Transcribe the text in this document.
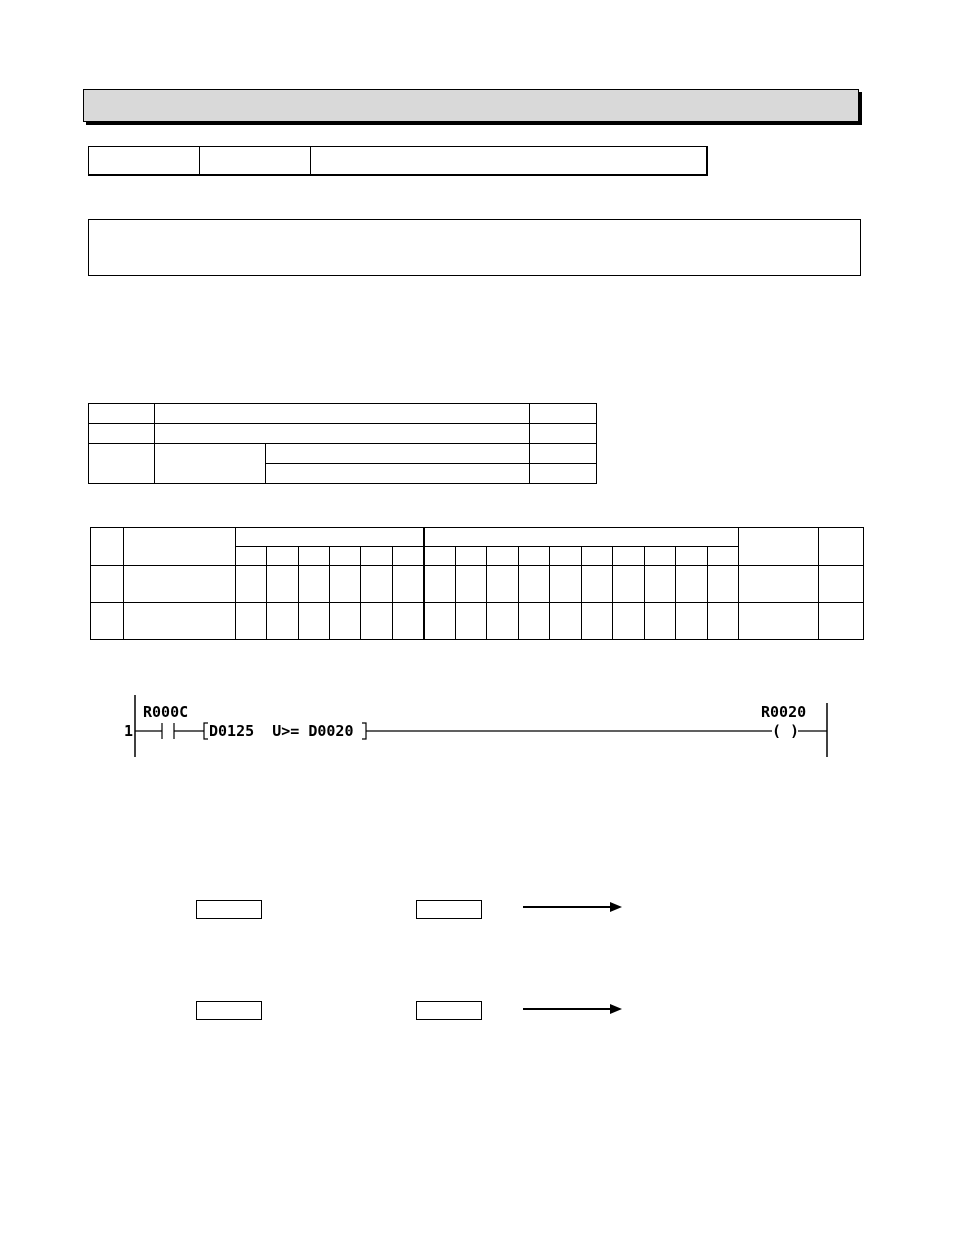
1
R000C
D0125  U>= D0020
R0020
( )
